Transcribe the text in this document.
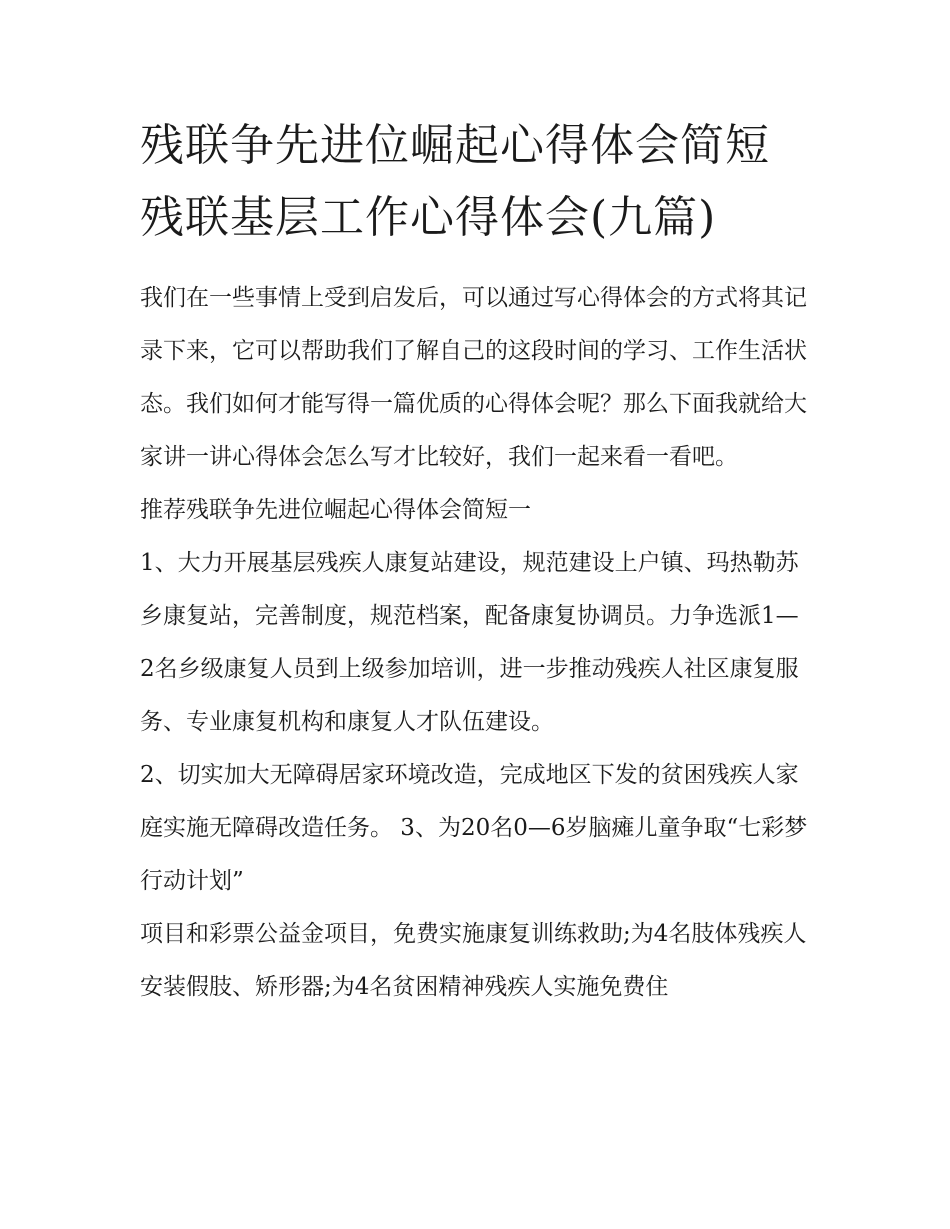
残联争先进位崛起心得体会简短 残联基层工作心得体会(九篇)

我们在一些事情上受到启发后，可以通过写心得体会的方式将其记录下来，它可以帮助我们了解自己的这段时间的学习、工作生活状态。我们如何才能写得一篇优质的心得体会呢？那么下面我就给大家讲一讲心得体会怎么写才比较好，我们一起来看一看吧。

推荐残联争先进位崛起心得体会简短一

1、大力开展基层残疾人康复站建设，规范建设上户镇、玛热勒苏乡康复站，完善制度，规范档案，配备康复协调员。力争选派1—2名乡级康复人员到上级参加培训，进一步推动残疾人社区康复服务、专业康复机构和康复人才队伍建设。

2、切实加大无障碍居家环境改造，完成地区下发的贫困残疾人家庭实施无障碍改造任务。 3、为20名0—6岁脑瘫儿童争取“七彩梦行动计划”

项目和彩票公益金项目，免费实施康复训练救助;为4名肢体残疾人安装假肢、矫形器;为4名贫困精神残疾人实施免费住
